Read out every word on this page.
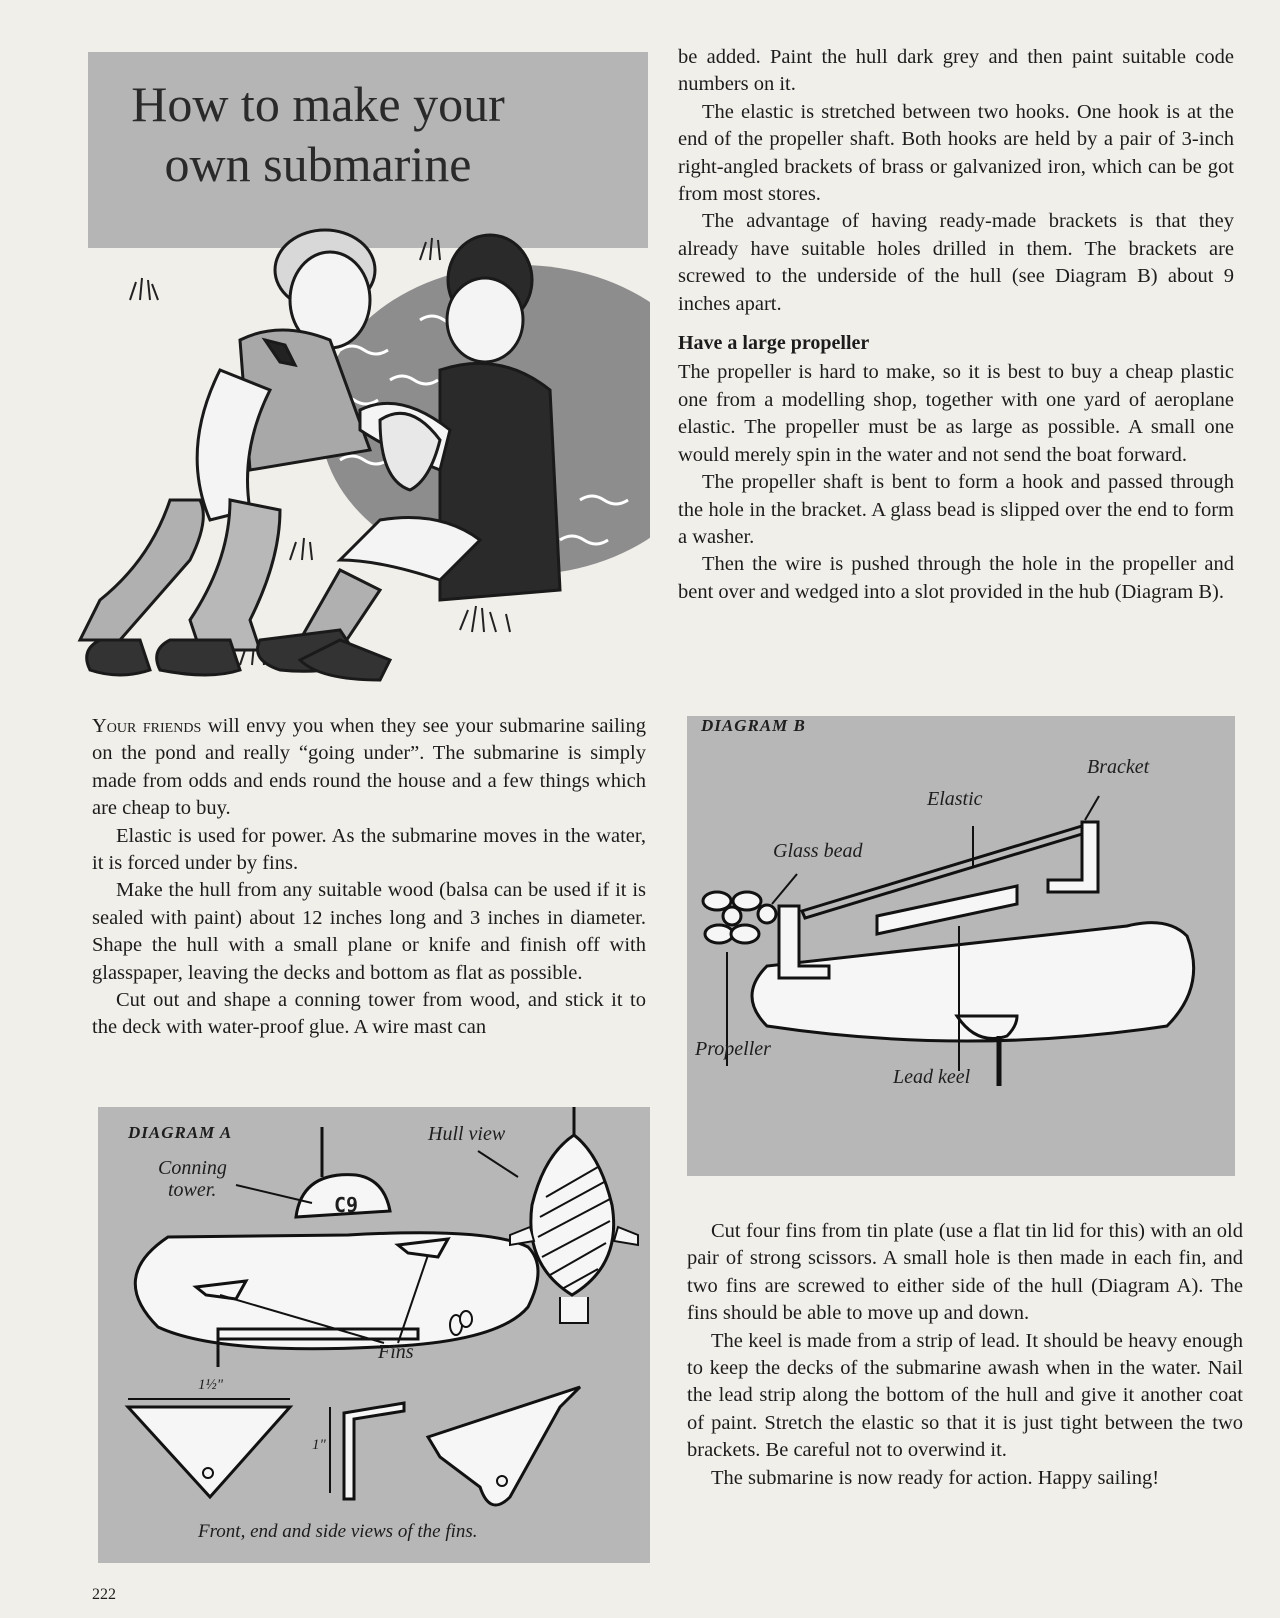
How to make your own submarine

Your friends will envy you when they see your submarine sailing on the pond and really “going under”. The submarine is simply made from odds and ends round the house and a few things which are cheap to buy.

Elastic is used for power. As the submarine moves in the water, it is forced under by fins.

Make the hull from any suitable wood (balsa can be used if it is sealed with paint) about 12 inches long and 3 inches in diameter. Shape the hull with a small plane or knife and finish off with glasspaper, leaving the decks and bottom as flat as possible.

Cut out and shape a conning tower from wood, and stick it to the deck with water-proof glue. A wire mast can

be added. Paint the hull dark grey and then paint suitable code numbers on it.

The elastic is stretched between two hooks. One hook is at the end of the propeller shaft. Both hooks are held by a pair of 3-inch right-angled brackets of brass or galvanized iron, which can be got from most stores.

The advantage of having ready-made brackets is that they already have suitable holes drilled in them. The brackets are screwed to the underside of the hull (see Diagram B) about 9 inches apart.

Have a large propeller

The propeller is hard to make, so it is best to buy a cheap plastic one from a modelling shop, together with one yard of aeroplane elastic. The propeller must be as large as possible. A small one would merely spin in the water and not send the boat forward.

The propeller shaft is bent to form a hook and passed through the hole in the bracket. A glass bead is slipped over the end to form a washer.

Then the wire is pushed through the hole in the propeller and bent over and wedged into a slot provided in the hub (Diagram B).

DIAGRAM B
Bracket
Elastic
Glass bead
Propeller
Lead keel
DIAGRAM A
Conning
tower.
Hull view
Fins
C9
1½"
1"
Front, end and side views of the fins.

Cut four fins from tin plate (use a flat tin lid for this) with an old pair of strong scissors. A small hole is then made in each fin, and two fins are screwed to either side of the hull (Diagram A). The fins should be able to move up and down.

The keel is made from a strip of lead. It should be heavy enough to keep the decks of the submarine awash when in the water. Nail the lead strip along the bottom of the hull and give it another coat of paint. Stretch the elastic so that it is just tight between the two brackets. Be careful not to overwind it.

The submarine is now ready for action. Happy sailing!

222
